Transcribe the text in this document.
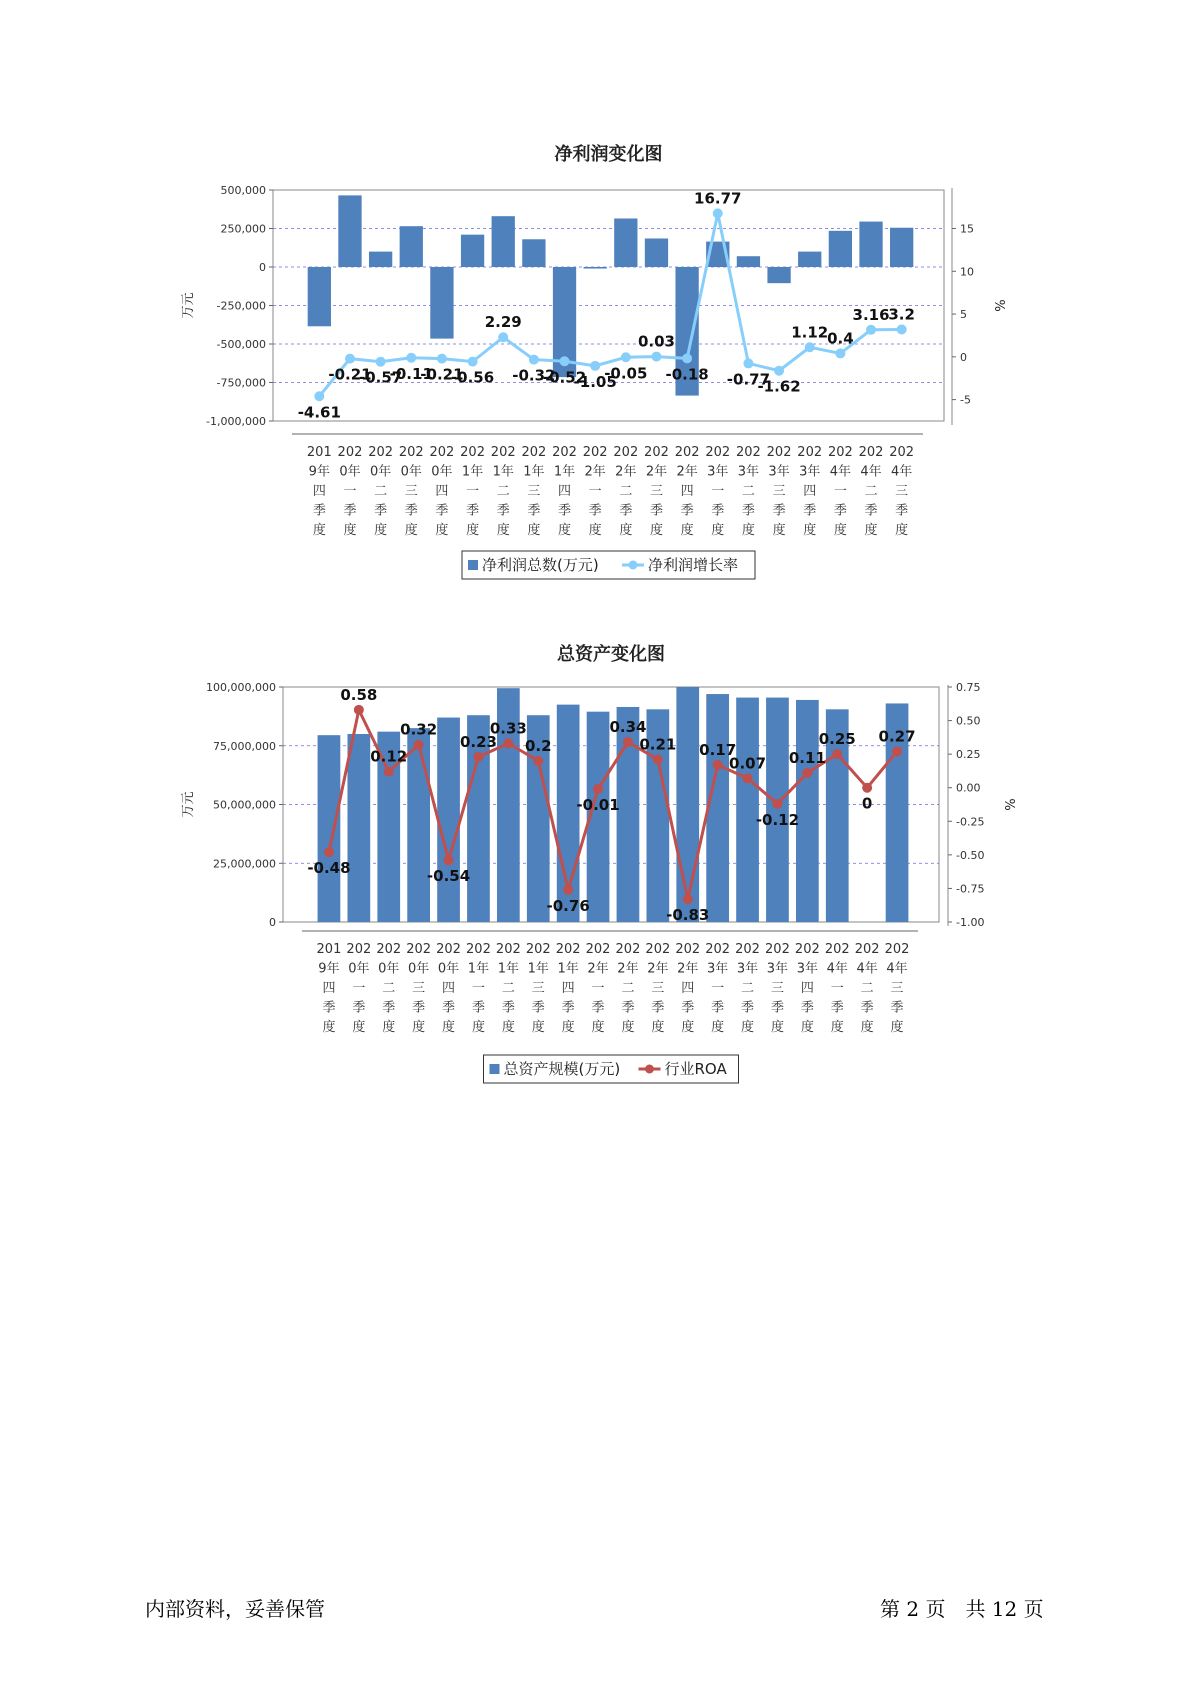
净利润变化图
500,000
250,000
0
-250,000
-500,000
-750,000
-1,000,000
15
10
5
0
-5
万元	%
-4.61
-0.21
-0.57
-0.11
-0.21
-0.56
2.29
-0.32
-0.52
-1.05
-0.05
0.03
-0.18
16.77
-0.77
-1.62
1.12
0.4
3.16
3.2
201
9年
四
季
度
202
0年
一
季
度
202
0年
二
季
度
202
0年
三
季
度
202
0年
四
季
度
202
1年
一
季
度
202
1年
二
季
度
202
1年
三
季
度
202
1年
四
季
度
202
2年
一
季
度
202
2年
二
季
度
202
2年
三
季
度
202
2年
四
季
度
202
3年
一
季
度
202
3年
二
季
度
202
3年
三
季
度
202
3年
四
季
度
202
4年
一
季
度
202
4年
二
季
度
202
4年
三
季
度
净利润总数(万元)	净利润增长率
总资产变化图
100,000,000
75,000,000
50,000,000
25,000,000
0
0.75
0.50
0.25
0.00
-0.25
-0.50
-0.75
-1.00
万元	%
-0.48
0.58
0.12
0.32
-0.54
0.23
0.33
0.2
-0.76
-0.01
0.34
0.21
-0.83
0.17
0.07
-0.12
0.11
0.25
0
0.27
201
9年
四
季
度
202
0年
一
季
度
202
0年
二
季
度
202
0年
三
季
度
202
0年
四
季
度
202
1年
一
季
度
202
1年
二
季
度
202
1年
三
季
度
202
1年
四
季
度
202
2年
一
季
度
202
2年
二
季
度
202
2年
三
季
度
202
2年
四
季
度
202
3年
一
季
度
202
3年
二
季
度
202
3年
三
季
度
202
3年
四
季
度
202
4年
一
季
度
202
4年
二
季
度
202
4年
三
季
度
总资产规模(万元)	行业ROA
内部资料，妥善保管	第 2 页　共 12 页
